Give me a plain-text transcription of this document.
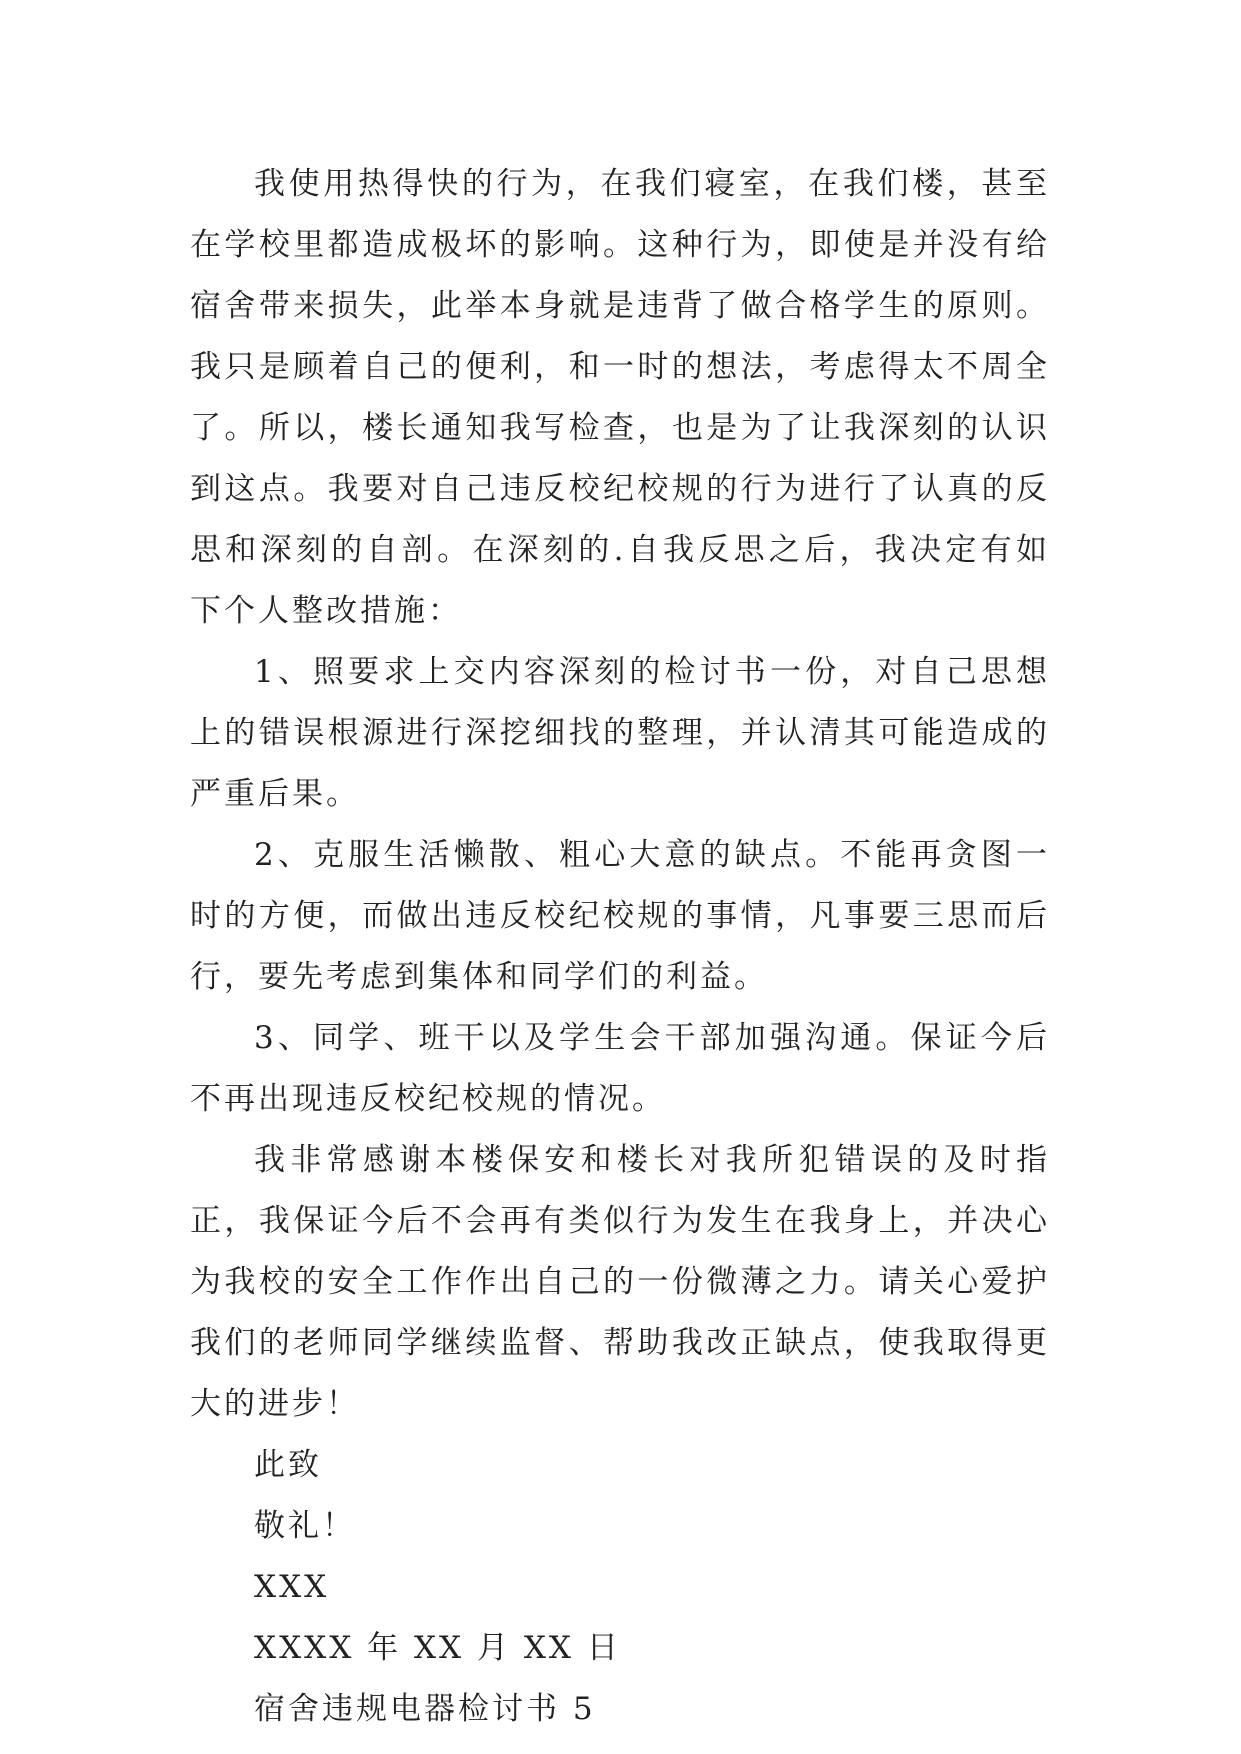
我使用热得快的行为，在我们寝室，在我们楼，甚至在学校里都造成极坏的影响。这种行为，即使是并没有给宿舍带来损失，此举本身就是违背了做合格学生的原则。我只是顾着自己的便利，和一时的想法，考虑得太不周全了。所以，楼长通知我写检查，也是为了让我深刻的认识到这点。我要对自己违反校纪校规的行为进行了认真的反思和深刻的自剖。在深刻的.自我反思之后，我决定有如下个人整改措施：

1、照要求上交内容深刻的检讨书一份，对自己思想上的错误根源进行深挖细找的整理，并认清其可能造成的严重后果。

2、克服生活懒散、粗心大意的缺点。不能再贪图一时的方便，而做出违反校纪校规的事情，凡事要三思而后行，要先考虑到集体和同学们的利益。

3、同学、班干以及学生会干部加强沟通。保证今后不再出现违反校纪校规的情况。

我非常感谢本楼保安和楼长对我所犯错误的及时指正，我保证今后不会再有类似行为发生在我身上，并决心为我校的安全工作作出自己的一份微薄之力。请关心爱护我们的老师同学继续监督、帮助我改正缺点，使我取得更大的进步！

此致

敬礼！

XXX

XXXX 年 XX 月 XX 日

宿舍违规电器检讨书 5
